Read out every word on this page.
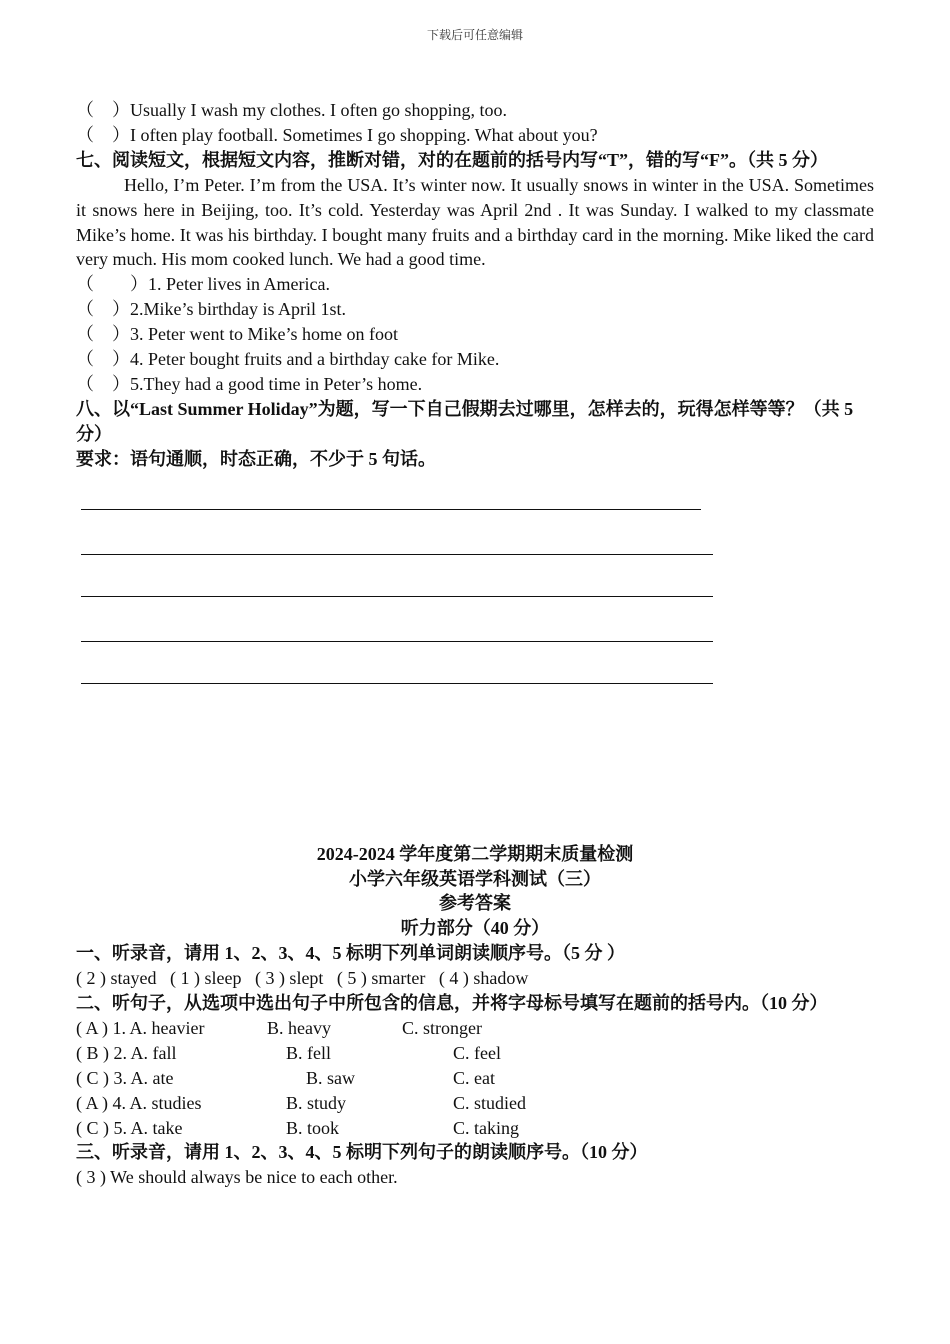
下载后可任意编辑
（　）Usually I wash my clothes. I often go shopping, too.
（　）I often play football. Sometimes I go shopping. What about you?
七、阅读短文，根据短文内容，推断对错，对的在题前的括号内写“T”，错的写“F”。（共 5 分）
Hello, I’m Peter. I’m from the USA. It’s winter now. It usually snows in winter in the USA. Sometimes it snows here in Beijing, too. It’s cold. Yesterday was April 2nd . It was Sunday. I walked to my classmate Mike’s home. It was his birthday. I bought many fruits and a birthday card in the morning. Mike liked the card very much. His mom cooked lunch. We had a good time.
（　　）1. Peter lives in America.
（　）2.Mike’s birthday is April 1st.
（　）3. Peter went to Mike’s home on foot
（　）4. Peter bought fruits and a birthday cake for Mike.
（　）5.They had a good time in Peter’s home.
八、以“Last Summer Holiday”为题，写一下自己假期去过哪里，怎样去的，玩得怎样等等？（共 5 分）
要求：语句通顺，时态正确，不少于 5 句话。
2024-2024 学年度第二学期期末质量检测
小学六年级英语学科测试（三）
参考答案
听力部分（40 分）
一、听录音，请用 1、2、3、4、5 标明下列单词朗读顺序号。（5 分 ）
( 2 ) stayed   ( 1 ) sleep   ( 3 ) slept   ( 5 ) smarter   ( 4 ) shadow
二、听句子，从选项中选出句子中所包含的信息，并将字母标号填写在题前的括号内。（10 分）
( A ) 1. A. heavier	B. heavy	C. stronger
( B ) 2. A. fall	B. fell	C. feel
( C ) 3. A. ate	B. saw	C. eat
( A ) 4. A. studies	B. study	C. studied
( C ) 5. A. take	B. took	C. taking
三、听录音，请用 1、2、3、4、5 标明下列句子的朗读顺序号。（10 分）
( 3 ) We should always be nice to each other.
